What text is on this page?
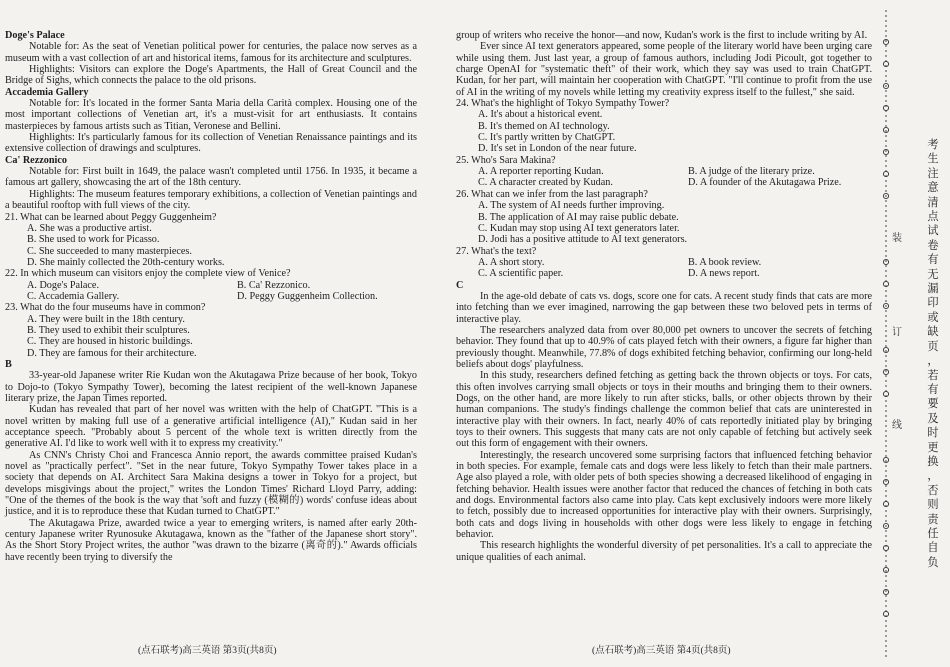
Doge's Palace

Notable for: As the seat of Venetian political power for centuries, the palace now serves as a museum with a vast collection of art and historical items, famous for its architecture and sculptures.

Highlights: Visitors can explore the Doge's Apartments, the Hall of Great Council and the Bridge of Sighs, which connects the palace to the old prisons.

Accademia Gallery

Notable for: It's located in the former Santa Maria della Carità complex. Housing one of the most important collections of Venetian art, it's a must-visit for art enthusiasts. It contains masterpieces by famous artists such as Titian, Veronese and Bellini.

Highlights: It's particularly famous for its collection of Venetian Renaissance paintings and its extensive collection of drawings and sculptures.

Ca' Rezzonico

Notable for: First built in 1649, the palace wasn't completed until 1756. In 1935, it became a famous art gallery, showcasing the art of the 18th century.

Highlights: The museum features temporary exhibitions, a collection of Venetian paintings and a beautiful rooftop with full views of the city.

21. What can be learned about Peggy Guggenheim?

A. She was a productive artist.

B. She used to work for Picasso.

C. She succeeded to many masterpieces.

D. She mainly collected the 20th-century works.

22. In which museum can visitors enjoy the complete view of Venice?

A. Doge's Palace.	B. Ca' Rezzonico.
C. Accademia Gallery.	D. Peggy Guggenheim Collection.

23. What do the four museums have in common?

A. They were built in the 18th century.

B. They used to exhibit their sculptures.

C. They are housed in historic buildings.

D. They are famous for their architecture.

B

33-year-old Japanese writer Rie Kudan won the Akutagawa Prize because of her book, Tokyo to Dojo-to (Tokyo Sympathy Tower), becoming the latest recipient of the well-known Japanese literary prize, the Japan Times reported.

Kudan has revealed that part of her novel was written with the help of ChatGPT. "This is a novel written by making full use of a generative artificial intelligence (AI)," Kudan said in her acceptance speech. "Probably about 5 percent of the whole text is written directly from the generative AI. I'd like to work well with it to express my creativity."

As CNN's Christy Choi and Francesca Annio report, the awards committee praised Kudan's novel as "practically perfect". "Set in the near future, Tokyo Sympathy Tower takes place in a society that depends on AI. Architect Sara Makina designs a tower in Tokyo for a project, but develops misgivings about the project," writes the London Times' Richard Lloyd Parry, adding: "One of the themes of the book is the way that 'soft and fuzzy (模糊的) words' confuse ideas about justice, and it is to reproduce these that Kudan turned to ChatGPT."

The Akutagawa Prize, awarded twice a year to emerging writers, is named after early 20th-century Japanese writer Ryunosuke Akutagawa, known as the "father of the Japanese short story". As the Short Story Project writes, the author "was drawn to the bizarre (离奇的)." Awards officials have recently been trying to diversify the

group of writers who receive the honor—and now, Kudan's work is the first to include writing by AI.

Ever since AI text generators appeared, some people of the literary world have been urging care while using them. Just last year, a group of famous authors, including Jodi Picoult, got together to charge OpenAI for "systematic theft" of their work, which they say was used to train ChatGPT. Kudan, for her part, will maintain her cooperation with ChatGPT. "I'll continue to profit from the use of AI in the writing of my novels while letting my creativity express itself to the fullest," she said.

24. What's the highlight of Tokyo Sympathy Tower?

A. It's about a historical event.

B. It's themed on AI technology.

C. It's partly written by ChatGPT.

D. It's set in London of the near future.

25. Who's Sara Makina?

A. A reporter reporting Kudan.	B. A judge of the literary prize.
C. A character created by Kudan.	D. A founder of the Akutagawa Prize.

26. What can we infer from the last paragraph?

A. The system of AI needs further improving.

B. The application of AI may raise public debate.

C. Kudan may stop using AI text generators later.

D. Jodi has a positive attitude to AI text generators.

27. What's the text?

A. A short story.	B. A book review.
C. A scientific paper.	D. A news report.

C

In the age-old debate of cats vs. dogs, score one for cats. A recent study finds that cats are more into fetching than we ever imagined, narrowing the gap between these two beloved pets in terms of interactive play.

The researchers analyzed data from over 80,000 pet owners to uncover the secrets of fetching behavior. They found that up to 40.9% of cats played fetch with their owners, a figure far higher than previously thought. Meanwhile, 77.8% of dogs exhibited fetching behavior, confirming our long-held beliefs about dogs' playfulness.

In this study, researchers defined fetching as getting back the thrown objects or toys. For cats, this often involves carrying small objects or toys in their mouths and bringing them to their owners. Dogs, on the other hand, are more likely to run after sticks, balls, or other objects thrown by their human companions. The study's findings challenge the common belief that cats are uninterested in interactive play with their owners. In fact, nearly 40% of cats reportedly initiated play by bringing toys to their owners. This suggests that many cats are not only capable of fetching but actively seek out this form of engagement with their owners.

Interestingly, the research uncovered some surprising factors that influenced fetching behavior in both species. For example, female cats and dogs were less likely to fetch than their male partners. Age also played a role, with older pets of both species showing a decreased likelihood of engaging in fetching behavior. Health issues were another factor that reduced the chances of fetching in both cats and dogs. Environmental factors also came into play. Cats kept exclusively indoors were more likely to fetch, possibly due to increased opportunities for interactive play with their owners. Surprisingly, both cats and dogs living in households with other dogs were less likely to engage in fetching behavior.

This research highlights the wonderful diversity of pet personalities. It's a call to appreciate the unique qualities of each animal.

(点石联考)高三英语 第3页(共8页)	(点石联考)高三英语 第4页(共8页)
装
订
线
考
生
注
意
清
点
试
卷
有
无
漏
印
或
缺
页
，
若
有
要
及
时
更
换
，
否
则
责
任
自
负
